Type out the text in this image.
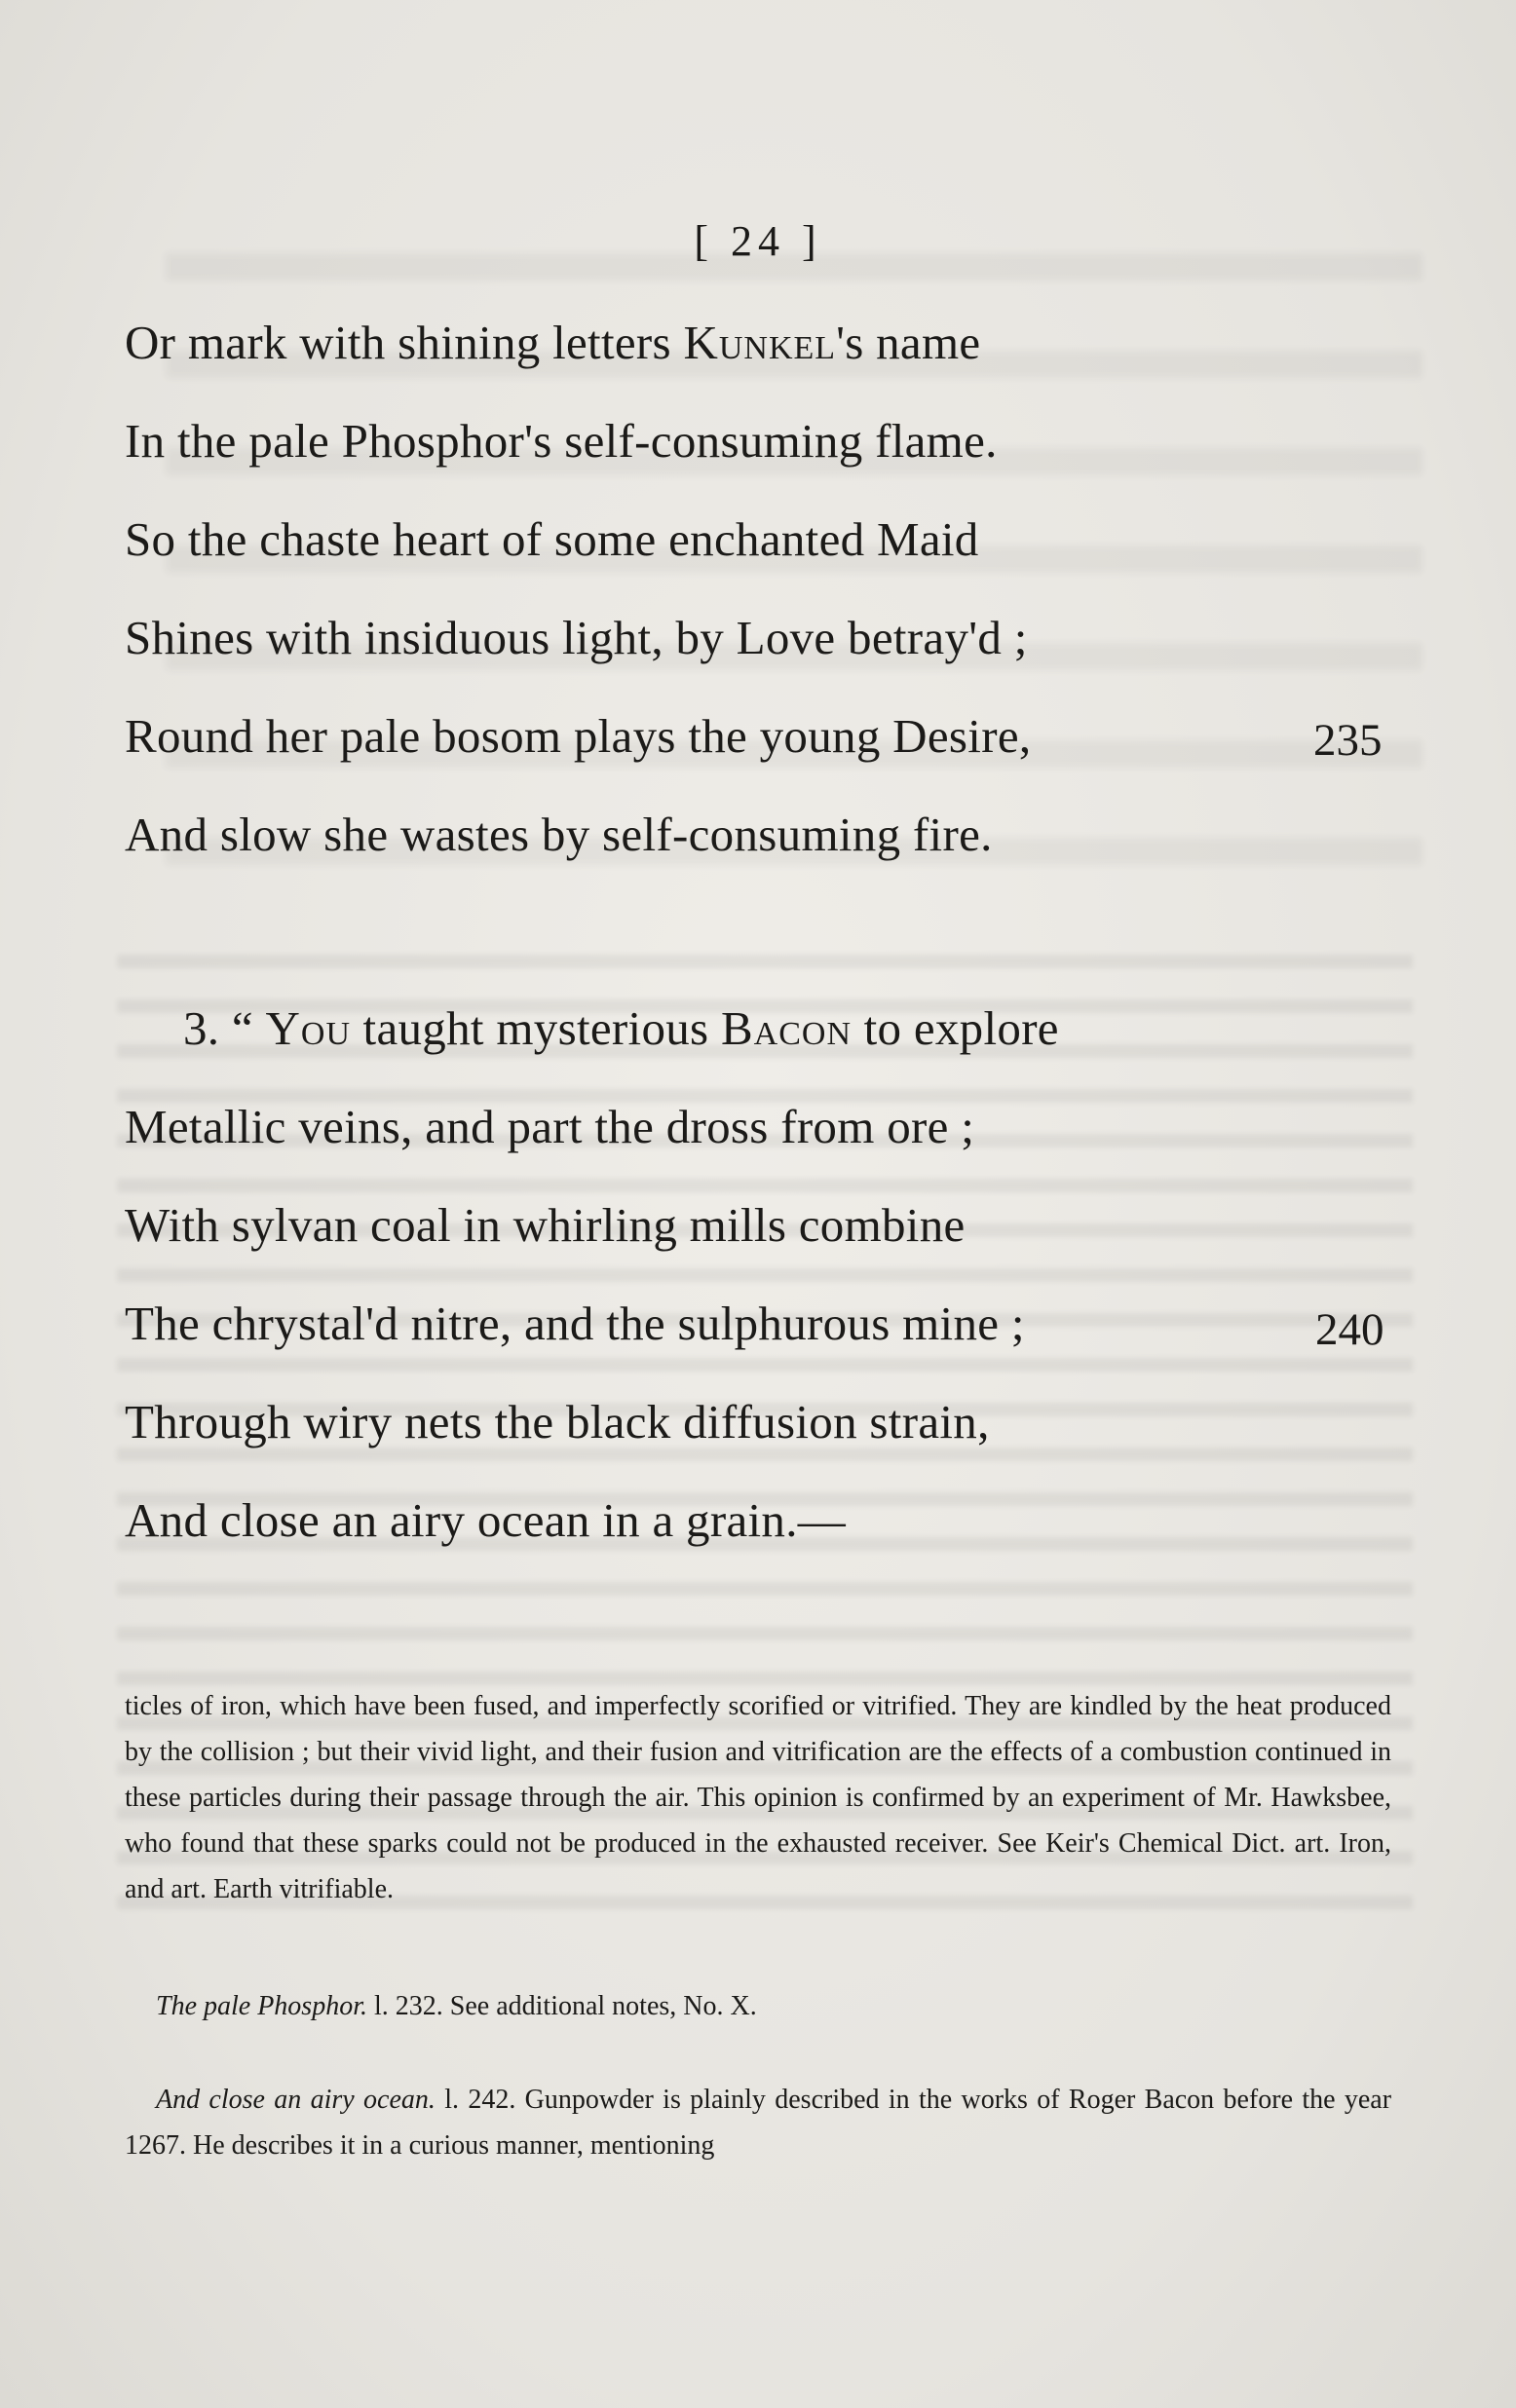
[ 24 ]
Or mark with shining letters Kunkel's name
In the pale Phosphor's self-consuming flame.
So the chaste heart of some enchanted Maid
Shines with insiduous light, by Love betray'd ;
Round her pale bosom plays the young Desire,	235
And slow she wastes by self-consuming fire.
3. “ You taught mysterious Bacon to explore
Metallic veins, and part the dross from ore ;
With sylvan coal in whirling mills combine
The chrystal'd nitre, and the sulphurous mine ;	240
Through wiry nets the black diffusion strain,
And close an airy ocean in a grain.—
ticles of iron, which have been fused, and imperfectly scorified or vitrified. They are kindled by the heat produced by the collision ; but their vivid light, and their fusion and vitrification are the effects of a combustion continued in these particles during their passage through the air. This opinion is confirmed by an experiment of Mr. Hawksbee, who found that these sparks could not be produced in the exhausted receiver. See Keir's Chemical Dict. art. Iron, and art. Earth vitrifiable.
The pale Phosphor. l. 232. See additional notes, No. X.
And close an airy ocean. l. 242. Gunpowder is plainly described in the works of Roger Bacon before the year 1267. He describes it in a curious manner, mentioning
